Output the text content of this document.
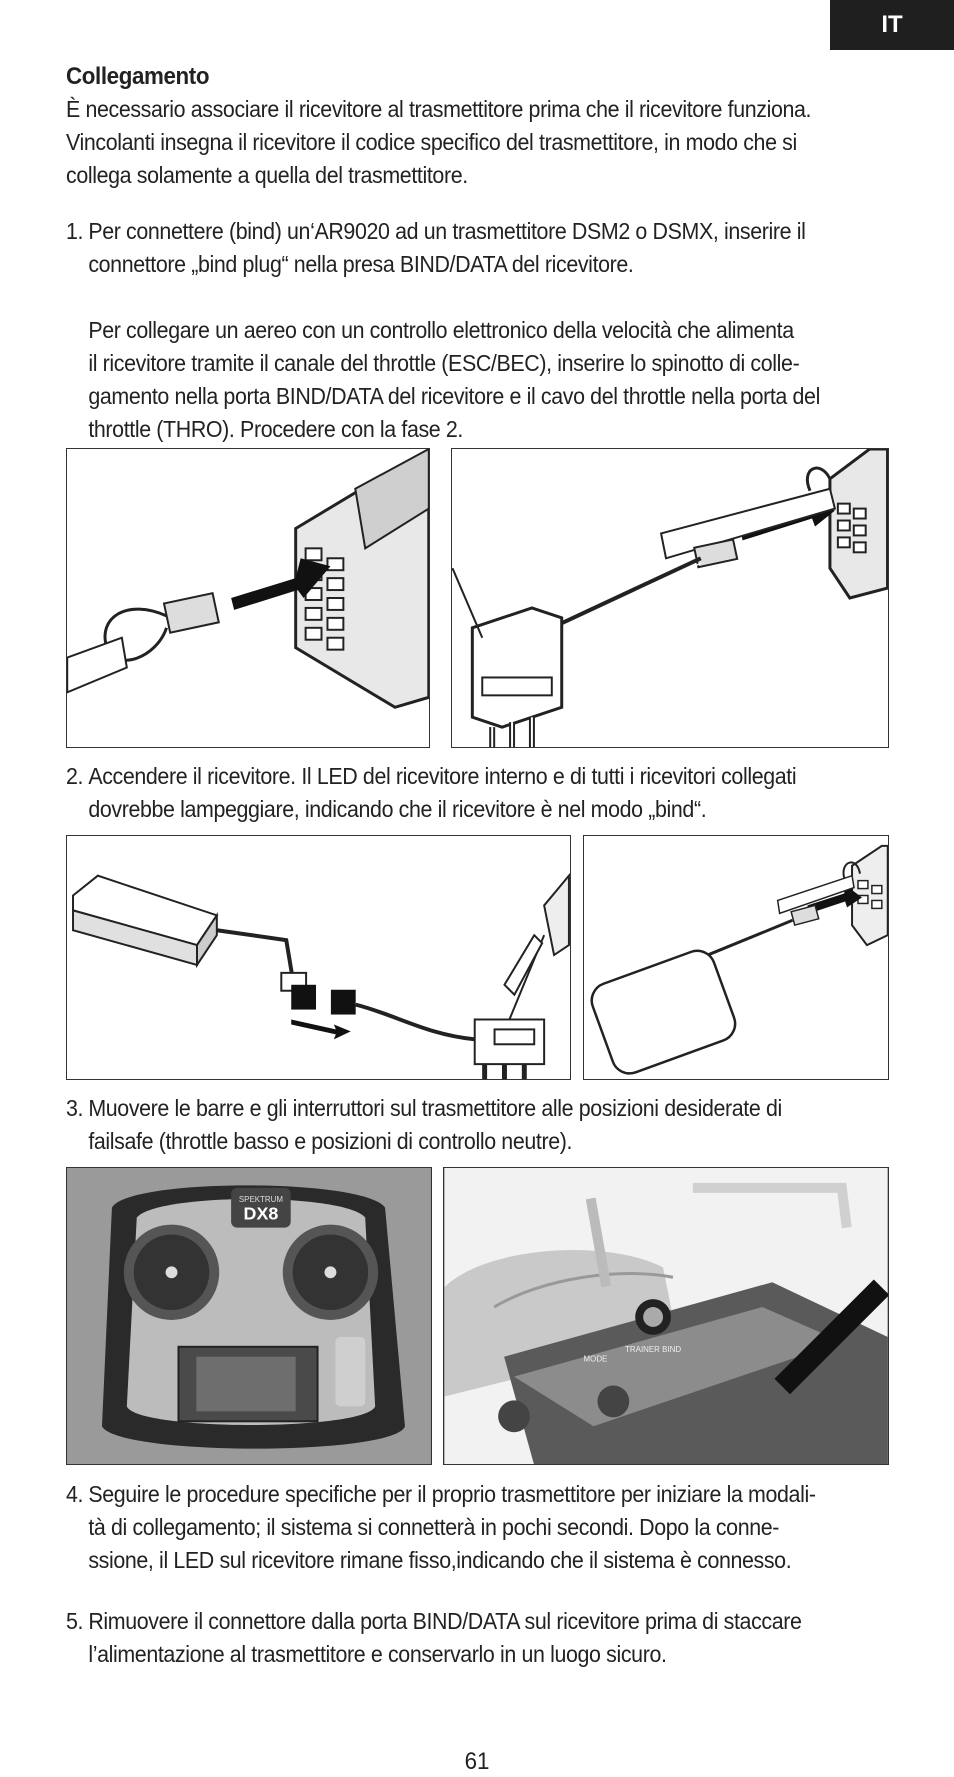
IT
Collegamento
È necessario associare il ricevitore al trasmettitore prima che il ricevitore funziona.
Vincolanti insegna il ricevitore il codice specifico del trasmettitore, in modo che si
collega solamente a quella del trasmettitore.
1. Per connettere (bind) un‘AR9020 ad un trasmettitore DSM2 o DSMX, inserire il
connettore „bind plug“ nella presa BIND/DATA del ricevitore.
Per collegare un aereo con un controllo elettronico della velocità che alimenta
il ricevitore tramite il canale del throttle (ESC/BEC), inserire lo spinotto di colle-
gamento nella porta BIND/DATA del ricevitore e il cavo del throttle nella porta del
throttle (THRO). Procedere con la fase 2.
2. Accendere il ricevitore. Il LED del ricevitore interno e di tutti i ricevitori collegati
dovrebbe lampeggiare, indicando che il ricevitore è nel modo „bind“.
3. Muovere le barre e gli interruttori sul trasmettitore alle posizioni desiderate di
failsafe (throttle basso e posizioni di controllo neutre).
SPEKTRUM
DX8
TRAINER BIND
MODE
4. Seguire le procedure specifiche per il proprio trasmettitore per iniziare la modali-
tà di collegamento; il sistema si connetterà in pochi secondi. Dopo la conne-
ssione, il LED sul ricevitore rimane fisso,indicando che il sistema è connesso.
5. Rimuovere il connettore dalla porta BIND/DATA sul ricevitore prima di staccare
l’alimentazione al trasmettitore e conservarlo in un luogo sicuro.
61
